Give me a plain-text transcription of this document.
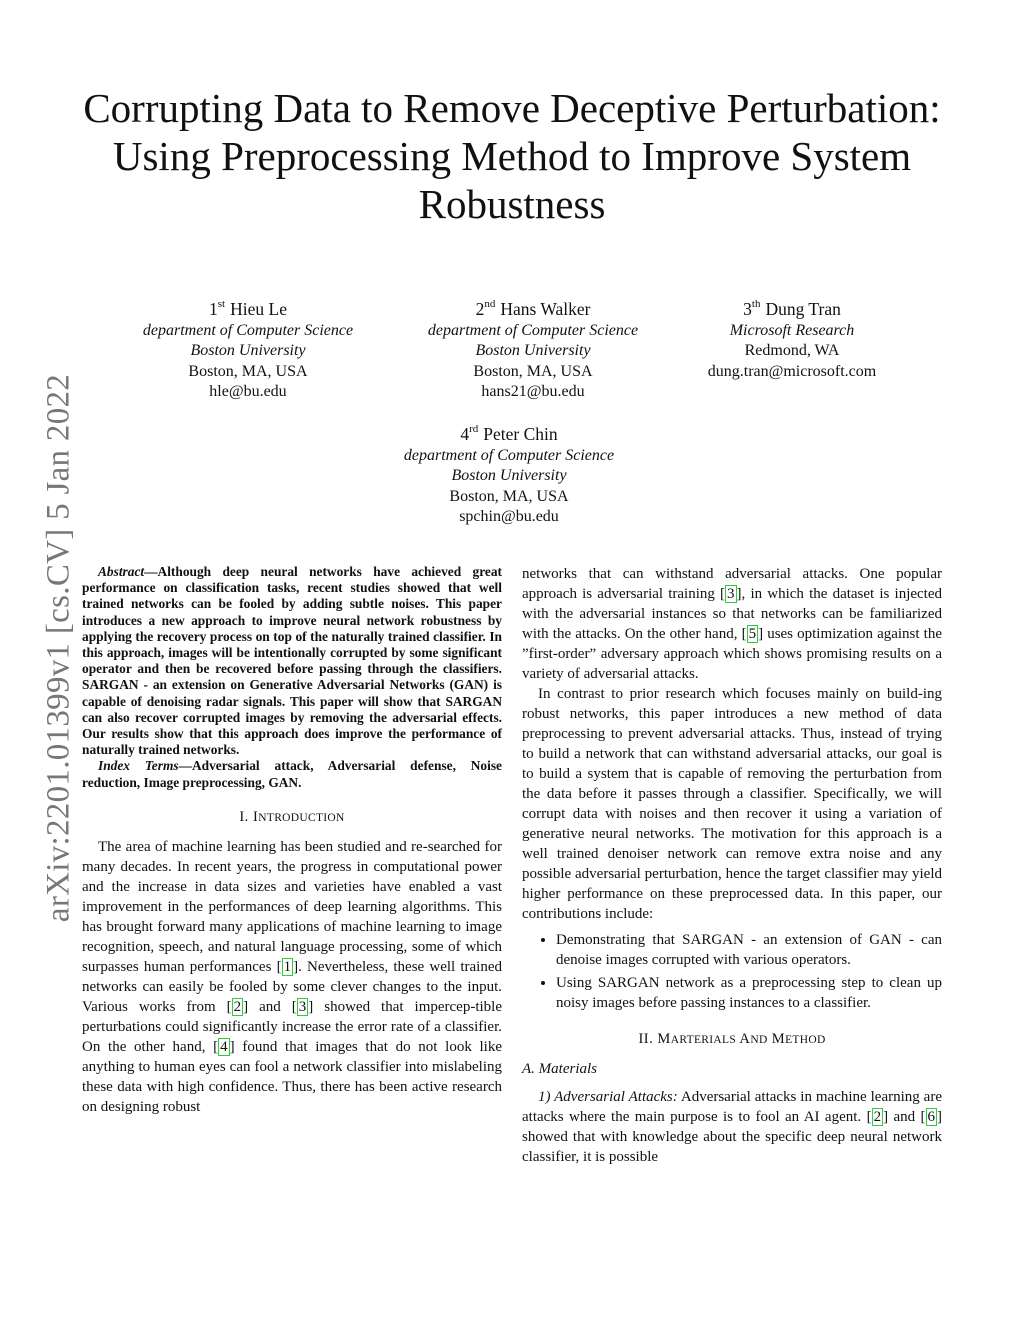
Corrupting Data to Remove Deceptive Perturbation:
Using Preprocessing Method to Improve System
Robustness
arXiv:2201.01399v1 [cs.CV] 5 Jan 2022
1st Hieu Le
department of Computer Science
Boston University
Boston, MA, USA
hle@bu.edu
2nd Hans Walker
department of Computer Science
Boston University
Boston, MA, USA
hans21@bu.edu
3th Dung Tran
Microsoft Research
Redmond, WA
dung.tran@microsoft.com
4rd Peter Chin
department of Computer Science
Boston University
Boston, MA, USA
spchin@bu.edu

Abstract—Although deep neural networks have achieved great performance on classification tasks, recent studies showed that well trained networks can be fooled by adding subtle noises. This paper introduces a new approach to improve neural network robustness by applying the recovery process on top of the naturally trained classifier. In this approach, images will be intentionally corrupted by some significant operator and then be recovered before passing through the classifiers. SARGAN - an extension on Generative Adversarial Networks (GAN) is capable of denoising radar signals. This paper will show that SARGAN can also recover corrupted images by removing the adversarial effects. Our results show that this approach does improve the performance of naturally trained networks.

Index Terms—Adversarial attack, Adversarial defense, Noise reduction, Image preprocessing, GAN.

I. INTRODUCTION

The area of machine learning has been studied and re-searched for many decades. In recent years, the progress in computational power and the increase in data sizes and varieties have enabled a vast improvement in the performances of deep learning algorithms. This has brought forward many applications of machine learning to image recognition, speech, and natural language processing, some of which surpasses human performances [ 1 ]. Nevertheless, these well trained networks can easily be fooled by some clever changes to the input. Various works from [ 2 ] and [ 3 ] showed that impercep-tible perturbations could significantly increase the error rate of a classifier. On the other hand, [ 4 ] found that images that do not look like anything to human eyes can fool a network classifier into mislabeling these data with high confidence. Thus, there has been active research on designing robust

networks that can withstand adversarial attacks. One popular approach is adversarial training [ 3 ], in which the dataset is injected with the adversarial instances so that networks can be familiarized with the attacks. On the other hand, [ 5 ] uses optimization against the ”first-order” adversary approach which shows promising results on a variety of adversarial attacks.

In contrast to prior research which focuses mainly on build-ing robust networks, this paper introduces a new method of data preprocessing to prevent adversarial attacks. Thus, instead of trying to build a network that can withstand adversarial attacks, our goal is to build a system that is capable of removing the perturbation from the data before it passes through a classifier. Specifically, we will corrupt data with noises and then recover it using a variation of generative neural networks. The motivation for this approach is a well trained denoiser network can remove extra noise and any possible adversarial perturbation, hence the target classifier may yield higher performance on these preprocessed data. In this paper, our contributions include:

• Demonstrating that SARGAN - an extension of GAN - can denoise images corrupted with various operators.
• Using SARGAN network as a preprocessing step to clean up noisy images before passing instances to a classifier.
II. MARTERIALS AND METHOD
A. Materials

1) Adversarial Attacks: Adversarial attacks in machine learning are attacks where the main purpose is to fool an AI agent. [ 2 ] and [ 6 ] showed that with knowledge about the specific deep neural network classifier, it is possible
